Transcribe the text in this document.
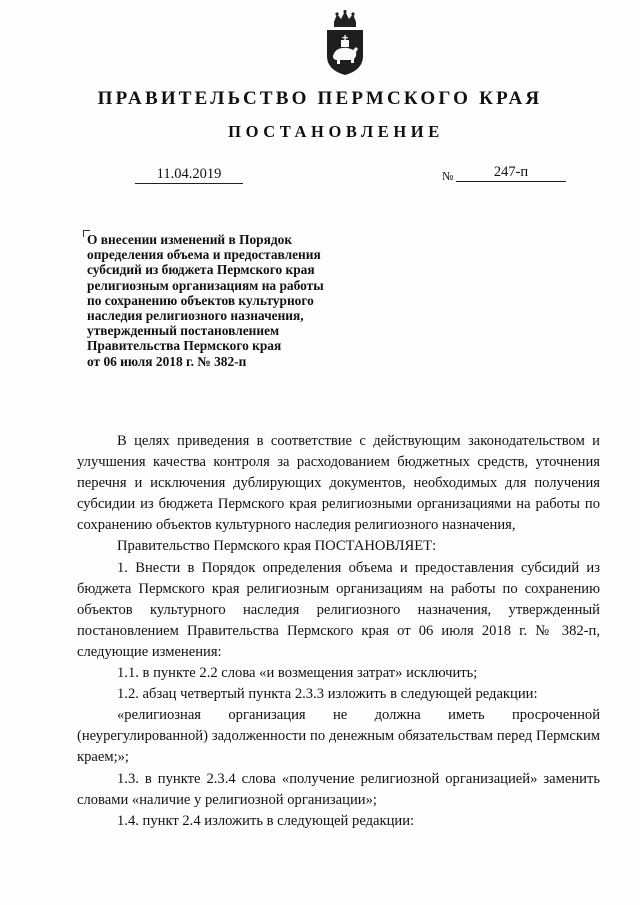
ПРАВИТЕЛЬСТВО ПЕРМСКОГО КРАЯ
ПОСТАНОВЛЕНИЕ
11.04.2019	№	247-п
О внесении изменений в Порядок
определения объема и предоставления
субсидий из бюджета Пермского края
религиозным организациям на работы
по сохранению объектов культурного
наследия религиозного назначения,
утвержденный постановлением
Правительства Пермского края
от 06 июля 2018 г. № 382-п

В целях приведения в соответствие с действующим законодательством и улучшения качества контроля за расходованием бюджетных средств, уточнения перечня и исключения дублирующих документов, необходимых для получения субсидии из бюджета Пермского края религиозными организациями на работы по сохранению объектов культурного наследия религиозного назначения,

Правительство Пермского края ПОСТАНОВЛЯЕТ:

1. Внести в Порядок определения объема и предоставления субсидий из бюджета Пермского края религиозным организациям на работы по сохранению объектов культурного наследия религиозного назначения, утвержденный постановлением Правительства Пермского края от 06 июля 2018 г. № 382-п, следующие изменения:

1.1. в пункте 2.2 слова «и возмещения затрат» исключить;

1.2. абзац четвертый пункта 2.3.3 изложить в следующей редакции:

«религиозная организация не должна иметь просроченной (неурегулированной) задолженности по денежным обязательствам перед Пермским краем;»;

1.3. в пункте 2.3.4 слова «получение религиозной организацией» заменить словами «наличие у религиозной организации»;

1.4. пункт 2.4 изложить в следующей редакции:
